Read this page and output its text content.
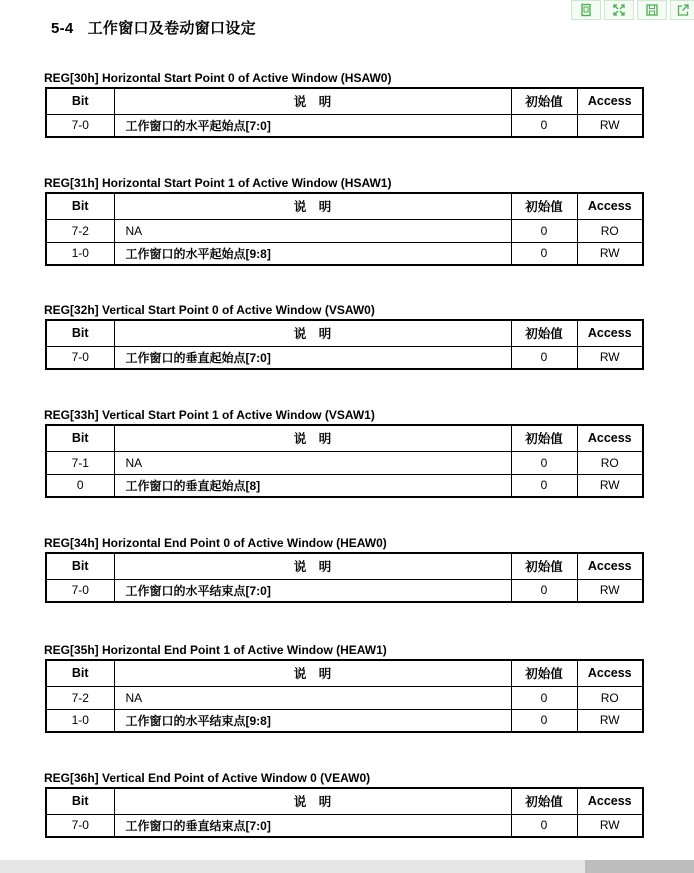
5-4 工作窗口及卷动窗口设定
REG[30h] Horizontal Start Point 0 of Active Window (HSAW0)
Bit	说　明	初始值	Access
7-0	工作窗口的水平起始点[7:0]	0	RW
REG[31h] Horizontal Start Point 1 of Active Window (HSAW1)
Bit	说　明	初始值	Access
7-2	NA	0	RO
1-0	工作窗口的水平起始点[9:8]	0	RW
REG[32h] Vertical Start Point 0 of Active Window (VSAW0)
Bit	说　明	初始值	Access
7-0	工作窗口的垂直起始点[7:0]	0	RW
REG[33h] Vertical Start Point 1 of Active Window (VSAW1)
Bit	说　明	初始值	Access
7-1	NA	0	RO
0	工作窗口的垂直起始点[8]	0	RW
REG[34h] Horizontal End Point 0 of Active Window (HEAW0)
Bit	说　明	初始值	Access
7-0	工作窗口的水平结束点[7:0]	0	RW
REG[35h] Horizontal End Point 1 of Active Window (HEAW1)
Bit	说　明	初始值	Access
7-2	NA	0	RO
1-0	工作窗口的水平结束点[9:8]	0	RW
REG[36h] Vertical End Point of Active Window 0 (VEAW0)
Bit	说　明	初始值	Access
7-0	工作窗口的垂直结束点[7:0]	0	RW
